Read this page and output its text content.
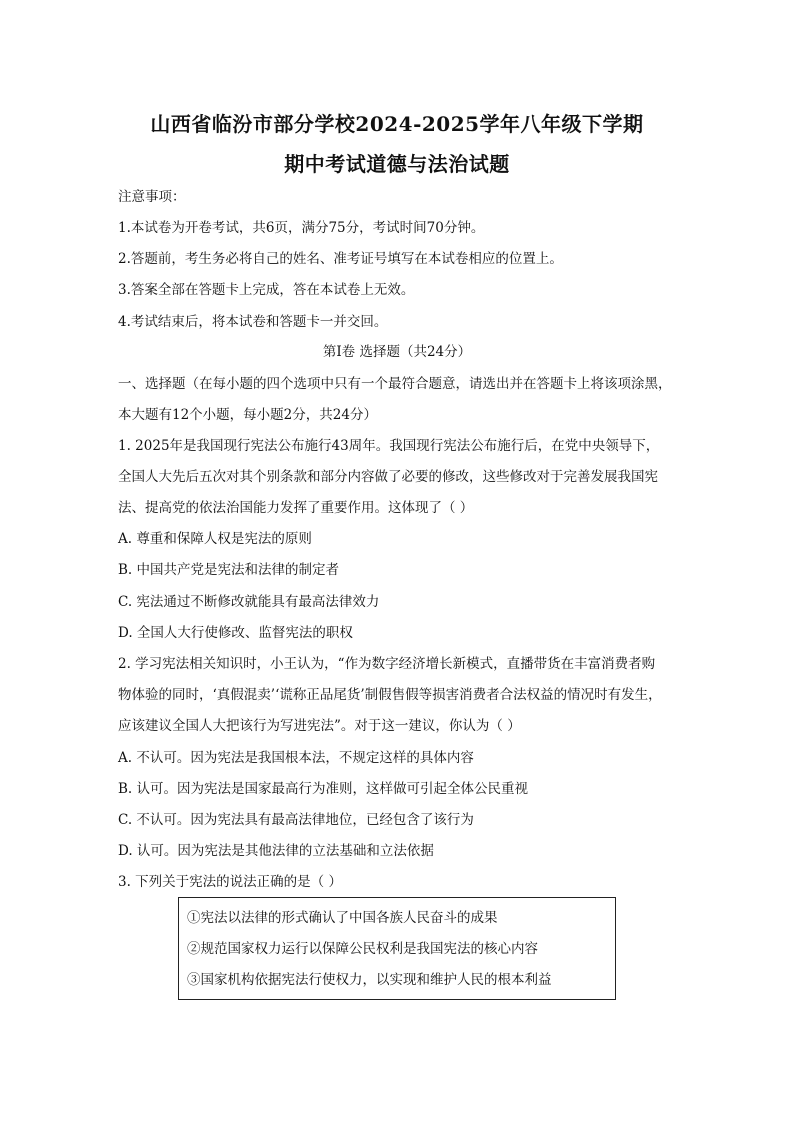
山西省临汾市部分学校2024-2025学年八年级下学期
期中考试道德与法治试题
注意事项：
1.本试卷为开卷考试，共6页，满分75分，考试时间70分钟。
2.答题前，考生务必将自己的姓名、准考证号填写在本试卷相应的位置上。
3.答案全部在答题卡上完成，答在本试卷上无效。
4.考试结束后，将本试卷和答题卡一并交回。
第Ⅰ卷 选择题（共24分）
一、选择题（在每小题的四个选项中只有一个最符合题意，请选出并在答题卡上将该项涂黑，
本大题有12个小题，每小题2分，共24分）
1. 2025年是我国现行宪法公布施行43周年。我国现行宪法公布施行后，在党中央领导下，
全国人大先后五次对其个别条款和部分内容做了必要的修改，这些修改对于完善发展我国宪
法、提高党的依法治国能力发挥了重要作用。这体现了（ ）
A. 尊重和保障人权是宪法的原则
B. 中国共产党是宪法和法律的制定者
C. 宪法通过不断修改就能具有最高法律效力
D. 全国人大行使修改、监督宪法的职权
2. 学习宪法相关知识时，小王认为，“作为数字经济增长新模式，直播带货在丰富消费者购
物体验的同时，‘真假混卖’‘谎称正品尾货’制假售假等损害消费者合法权益的情况时有发生，
应该建议全国人大把该行为写进宪法”。对于这一建议，你认为（ ）
A. 不认可。因为宪法是我国根本法，不规定这样的具体内容
B. 认可。因为宪法是国家最高行为准则，这样做可引起全体公民重视
C. 不认可。因为宪法具有最高法律地位，已经包含了该行为
D. 认可。因为宪法是其他法律的立法基础和立法依据
3. 下列关于宪法的说法正确的是（ ）
①宪法以法律的形式确认了中国各族人民奋斗的成果
②规范国家权力运行以保障公民权利是我国宪法的核心内容
③国家机构依据宪法行使权力，以实现和维护人民的根本利益
